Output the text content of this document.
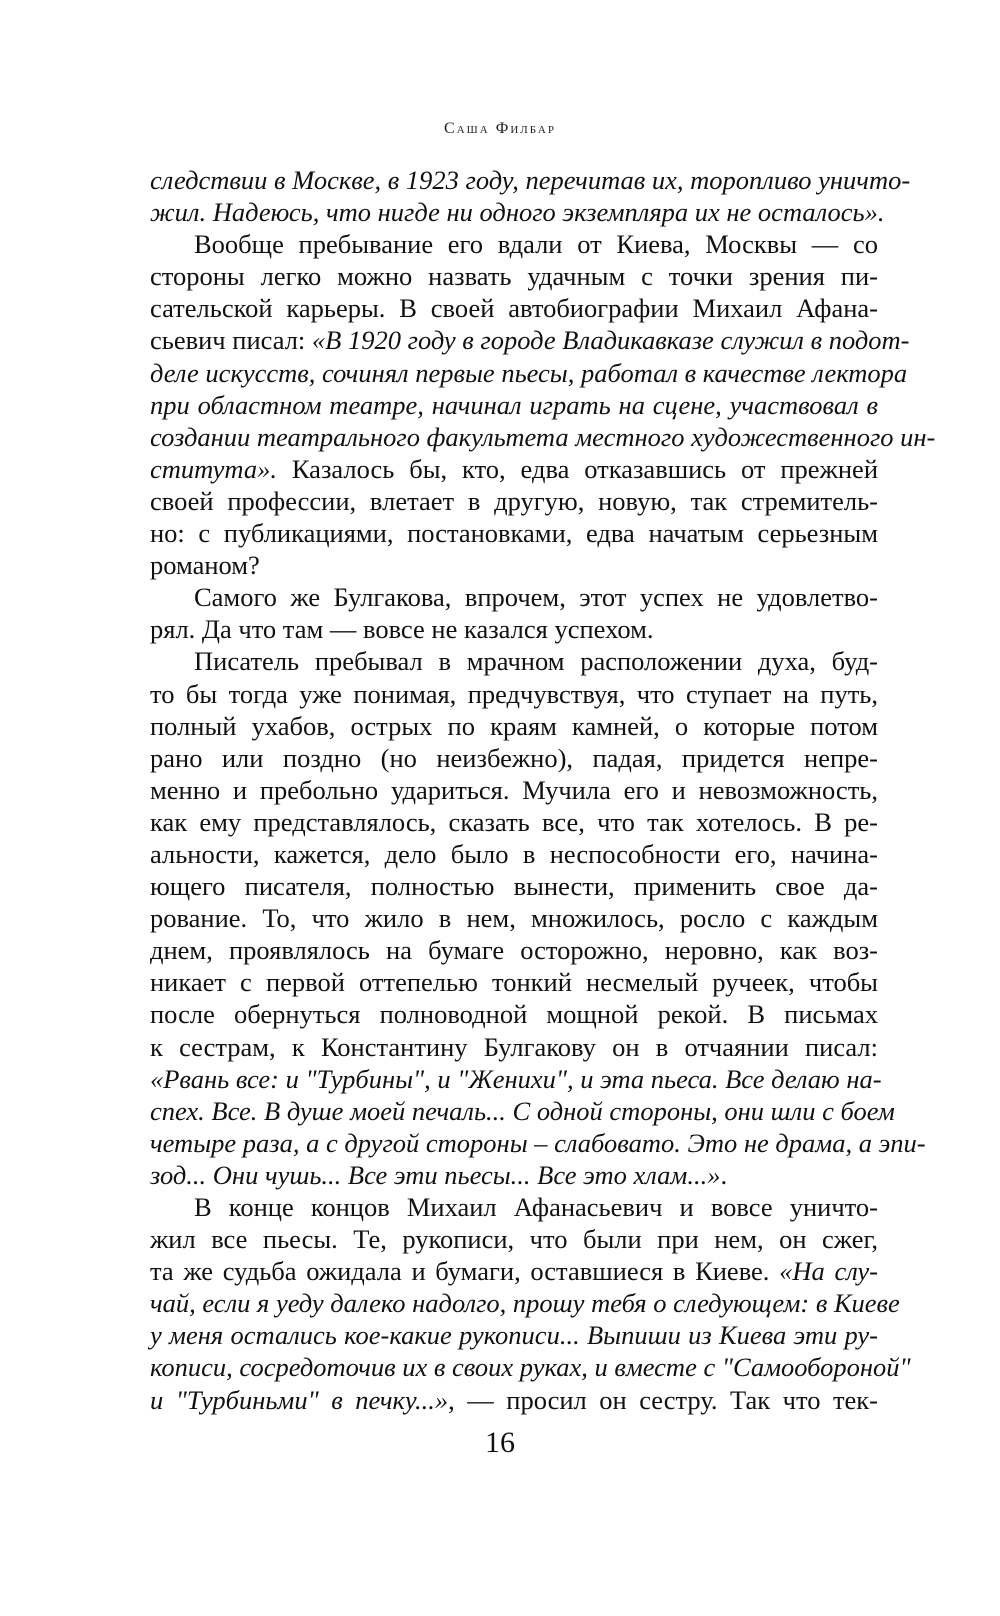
Саша Филбар
следствии в Москве, в 1923 году, перечитав их, торопливо уничто-
жил. Надеюсь, что нигде ни одного экземпляра их не осталось».
Вообще пребывание его вдали от Киева, Москвы — со
стороны легко можно назвать удачным с точки зрения пи-
сательской карьеры. В своей автобиографии Михаил Афана-
сьевич писал: «В 1920 году в городе Владикавказе служил в подот-
деле искусств, сочинял первые пьесы, работал в качестве лектора
при областном театре, начинал играть на сцене, участвовал в
создании театрального факультета местного художественного ин-
ститута». Казалось бы, кто, едва отказавшись от прежней
своей профессии, влетает в другую, новую, так стремитель-
но: с публикациями, постановками, едва начатым серьезным
романом?
Самого же Булгакова, впрочем, этот успех не удовлетво-
рял. Да что там — вовсе не казался успехом.
Писатель пребывал в мрачном расположении духа, буд-
то бы тогда уже понимая, предчувствуя, что ступает на путь,
полный ухабов, острых по краям камней, о которые потом
рано или поздно (но неизбежно), падая, придется непре-
менно и пребольно удариться. Мучила его и невозможность,
как ему представлялось, сказать все, что так хотелось. В ре-
альности, кажется, дело было в неспособности его, начина-
ющего писателя, полностью вынести, применить свое да-
рование. То, что жило в нем, множилось, росло с каждым
днем, проявлялось на бумаге осторожно, неровно, как воз-
никает с первой оттепелью тонкий несмелый ручеек, чтобы
после обернуться полноводной мощной рекой. В письмах
к сестрам, к Константину Булгакову он в отчаянии писал:
«Рвань все: и "Турбины", и "Женихи", и эта пьеса. Все делаю на-
спех. Все. В душе моей печаль... С одной стороны, они шли с боем
четыре раза, а с другой стороны – слабовато. Это не драма, а эпи-
зод... Они чушь... Все эти пьесы... Все это хлам...».
В конце концов Михаил Афанасьевич и вовсе уничто-
жил все пьесы. Те, рукописи, что были при нем, он сжег,
та же судьба ожидала и бумаги, оставшиеся в Киеве. «На слу-
чай, если я уеду далеко надолго, прошу тебя о следующем: в Киеве
у меня остались кое-какие рукописи... Выпиши из Киева эти ру-
кописи, сосредоточив их в своих руках, и вместе с "Самообороной"
и "Турбиньми" в печку...», — просил он сестру. Так что тек-
16
